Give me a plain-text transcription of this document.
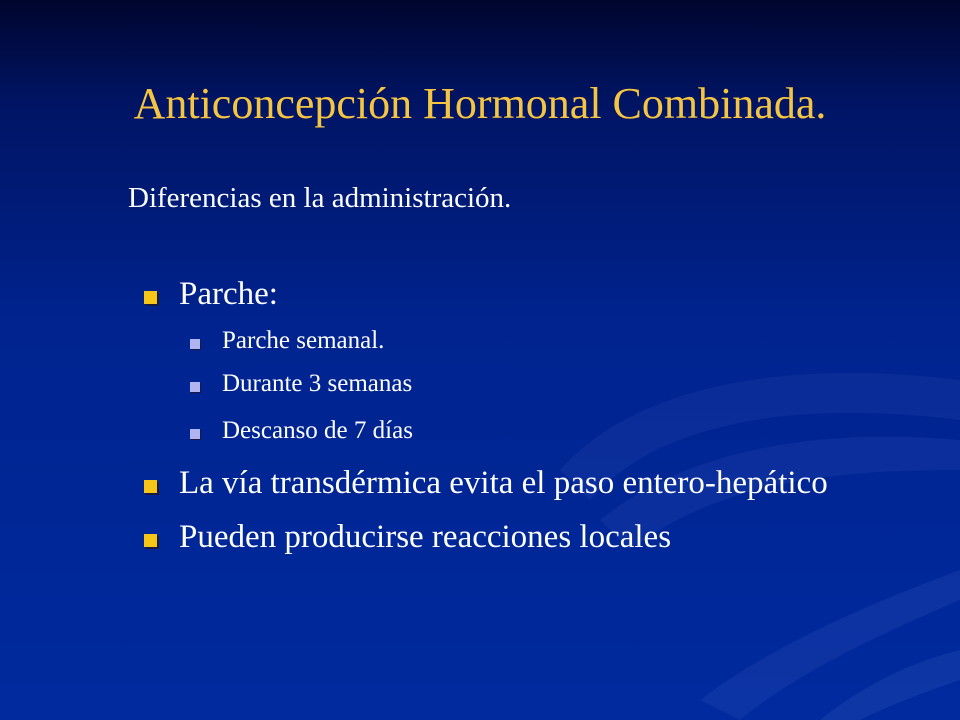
Anticoncepción Hormonal Combinada.

Diferencias en la administración.

Parche:
Parche semanal.
Durante 3 semanas
Descanso de 7 días
La vía transdérmica evita el paso entero-hepático
Pueden producirse reacciones locales
